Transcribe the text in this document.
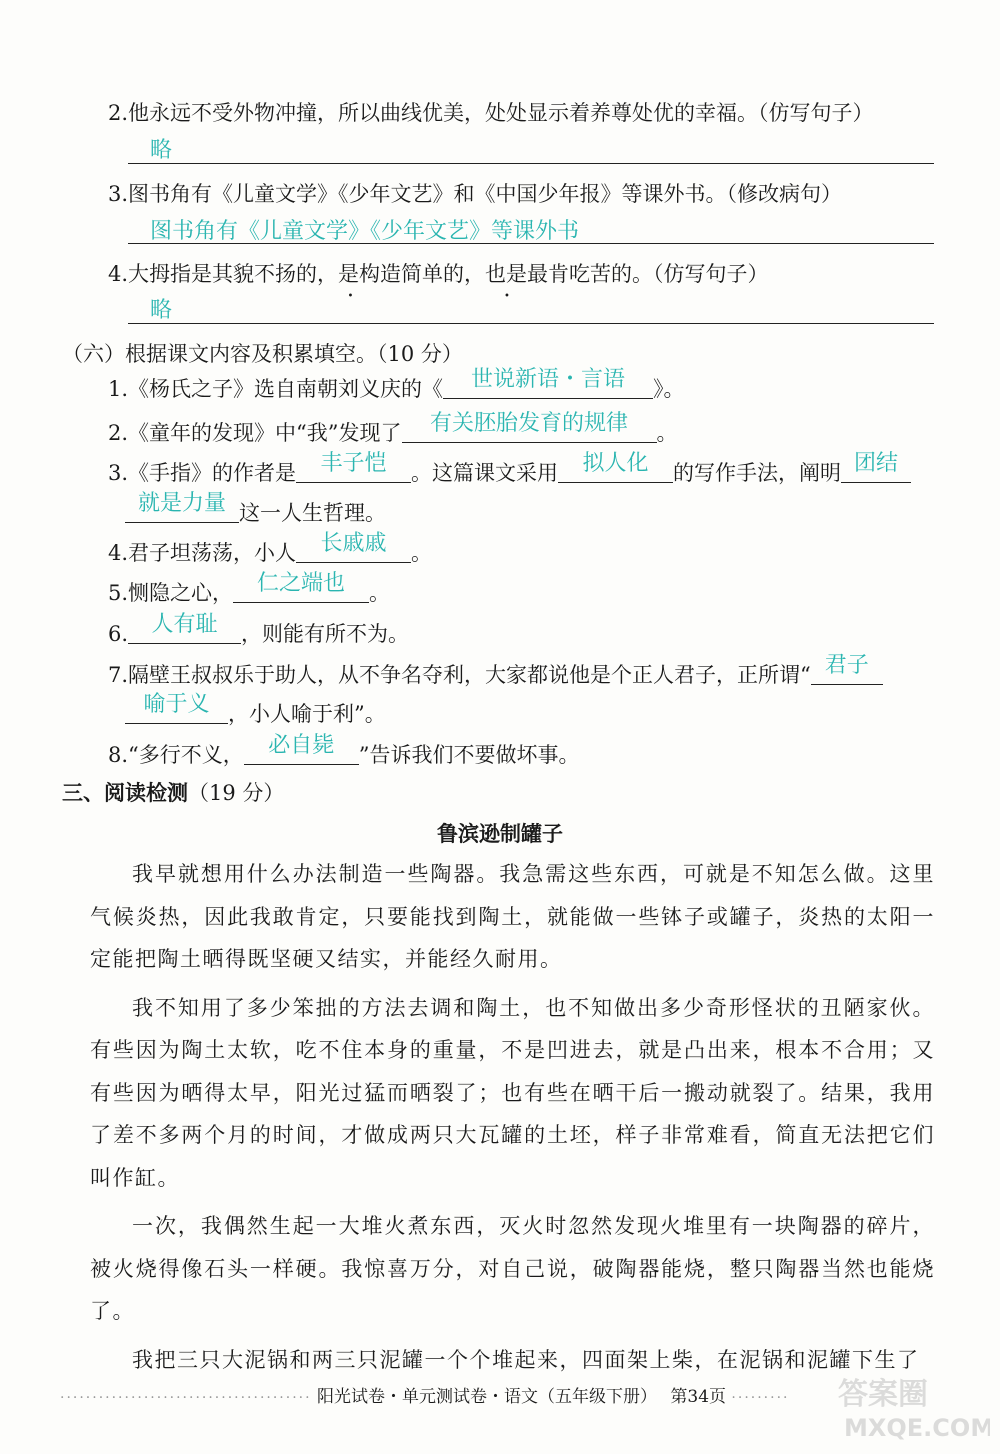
2.他永远不受外物冲撞，所以曲线优美，处处显示着养尊处优的幸福。（仿写句子）
略
3.图书角有《儿童文学》《少年文艺》和《中国少年报》等课外书。（修改病句）
图书角有《儿童文学》《少年文艺》等课外书
4.大拇指是其貌不扬的，是构造简单的，也是最肯吃苦的。（仿写句子）
略
（六）根据课文内容及积累填空。（10 分）
1.《杨氏之子》选自南朝刘义庆的《 世说新语・言语 》。
2.《童年的发现》中“我”发现了 有关胚胎发育的规律 。
3.《手指》的作者是 丰子恺 。这篇课文采用 拟人化 的写作手法，阐明 团结
就是力量 这一人生哲理。
4.君子坦荡荡，小人 长戚戚 。
5.恻隐之心， 仁之端也 。
6. 人有耻 ，则能有所不为。
7.隔壁王叔叔乐于助人，从不争名夺利，大家都说他是个正人君子，正所谓“ 君子
喻于义 ，小人喻于利”。
8.“多行不义， 必自毙 ”告诉我们不要做坏事。
三、阅读检测（19 分）
鲁滨逊制罐子

我早就想用什么办法制造一些陶器。我急需这些东西，可就是不知怎么做。这里气候炎热，因此我敢肯定，只要能找到陶土，就能做一些钵子或罐子，炎热的太阳一定能把陶土晒得既坚硬又结实，并能经久耐用。

我不知用了多少笨拙的方法去调和陶土，也不知做出多少奇形怪状的丑陋家伙。有些因为陶土太软，吃不住本身的重量，不是凹进去，就是凸出来，根本不合用；又有些因为晒得太早，阳光过猛而晒裂了；也有些在晒干后一搬动就裂了。结果，我用了差不多两个月的时间，才做成两只大瓦罐的土坯，样子非常难看，简直无法把它们叫作缸。

一次，我偶然生起一大堆火煮东西，灭火时忽然发现火堆里有一块陶器的碎片，被火烧得像石头一样硬。我惊喜万分，对自己说，破陶器能烧，整只陶器当然也能烧了。

我把三只大泥锅和两三只泥罐一个个堆起来，四面架上柴，在泥锅和泥罐下生了

······································· 阳光试卷・单元测试卷・语文（五年级下册） 第34页 ·········	答案圈
MXQE.COM
